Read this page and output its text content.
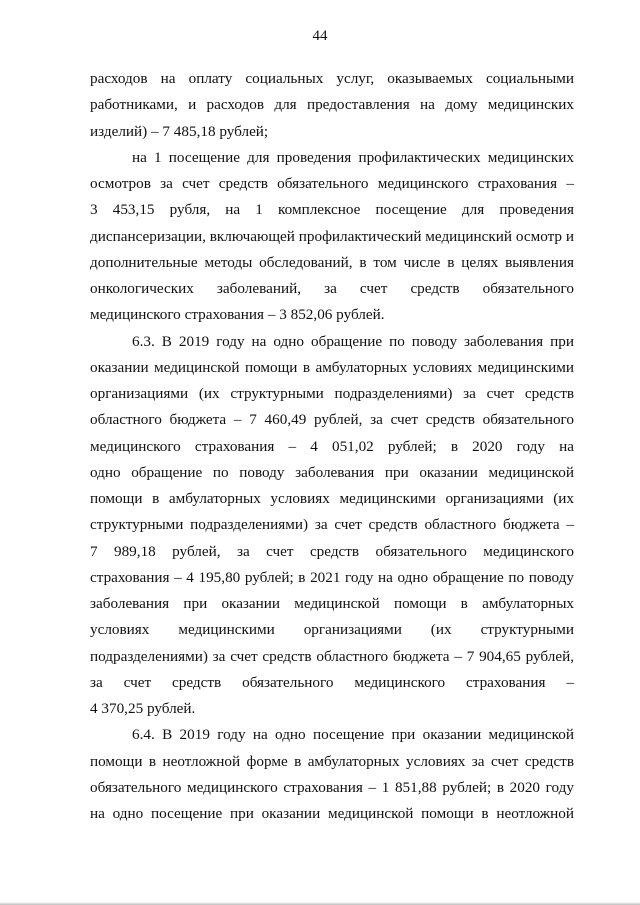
44
расходов на оплату социальных услуг, оказываемых социальными
работниками, и расходов для предоставления на дому медицинских
изделий) – 7 485,18 рублей;
на 1 посещение для проведения профилактических медицинских
осмотров за счет средств обязательного медицинского страхования –
3 453,15 рубля, на 1 комплексное посещение для проведения
диспансеризации, включающей профилактический медицинский осмотр и
дополнительные методы обследований, в том числе в целях выявления
онкологических заболеваний, за счет средств обязательного
медицинского страхования – 3 852,06 рублей.
6.3. В 2019 году на одно обращение по поводу заболевания при
оказании медицинской помощи в амбулаторных условиях медицинскими
организациями (их структурными подразделениями) за счет средств
областного бюджета – 7 460,49 рублей, за счет средств обязательного
медицинского страхования – 4 051,02 рублей; в 2020 году на
одно обращение по поводу заболевания при оказании медицинской
помощи в амбулаторных условиях медицинскими организациями (их
структурными подразделениями) за счет средств областного бюджета –
7 989,18 рублей, за счет средств обязательного медицинского
страхования – 4 195,80 рублей; в 2021 году на одно обращение по поводу
заболевания при оказании медицинской помощи в амбулаторных
условиях медицинскими организациями (их структурными
подразделениями) за счет средств областного бюджета – 7 904,65 рублей,
за счет средств обязательного медицинского страхования –
4 370,25 рублей.
6.4. В 2019 году на одно посещение при оказании медицинской
помощи в неотложной форме в амбулаторных условиях за счет средств
обязательного медицинского страхования – 1 851,88 рублей; в 2020 году
на одно посещение при оказании медицинской помощи в неотложной
